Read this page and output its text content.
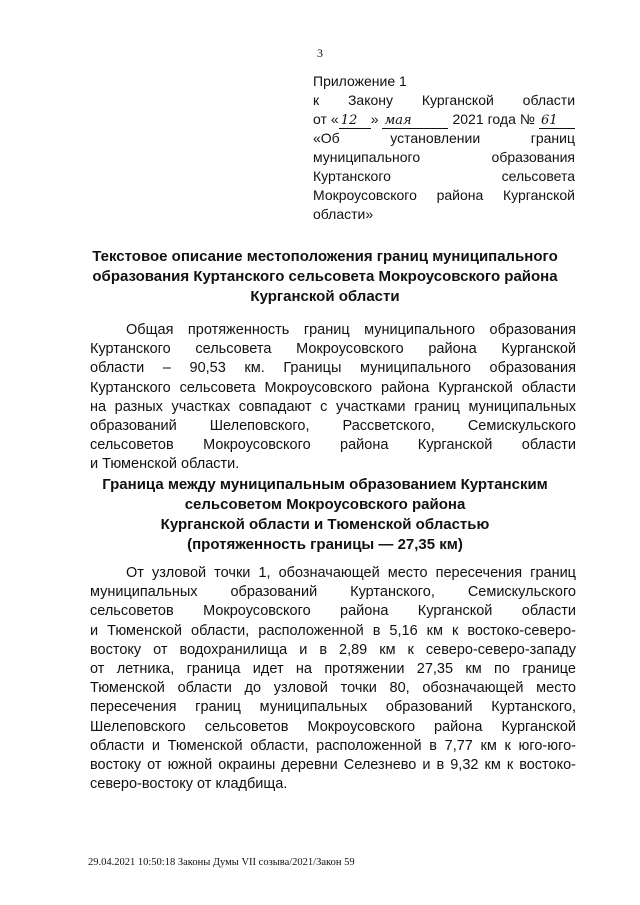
3
Приложение 1
к Закону Курганской области
от « 12 » мая	2021 года № 61
«Об установлении границ
муниципального образования
Куртанского сельсовета
Мокроусовского района Курганской
области»
Текстовое описание местоположения границ муниципального
образования Куртанского сельсовета Мокроусовского района
Курганской области
Общая протяженность границ муниципального образования
Куртанского сельсовета Мокроусовского района Курганской
области – 90,53 км. Границы муниципального образования
Куртанского сельсовета Мокроусовского района Курганской области
на разных участках совпадают с участками границ муниципальных
образований Шелеповского, Рассветского, Семискульского
сельсоветов Мокроусовского района Курганской области
и Тюменской области.
Граница между муниципальным образованием Куртанским
сельсоветом Мокроусовского района
Курганской области и Тюменской областью
(протяженность границы — 27,35 км)
От узловой точки 1, обозначающей место пересечения границ
муниципальных образований Куртанского, Семискульского
сельсоветов Мокроусовского района Курганской области
и Тюменской области, расположенной в 5,16 км к востоко-северо-
востоку от водохранилища и в 2,89 км к северо-северо-западу
от летника, граница идет на протяжении 27,35 км по границе
Тюменской области до узловой точки 80, обозначающей место
пересечения границ муниципальных образований Куртанского,
Шелеповского сельсоветов Мокроусовского района Курганской
области и Тюменской области, расположенной в 7,77 км к юго-юго-
востоку от южной окраины деревни Селезнево и в 9,32 км к востоко-
северо-востоку от кладбища.
29.04.2021 10:50:18 Законы Думы VII созыва/2021/Закон 59
